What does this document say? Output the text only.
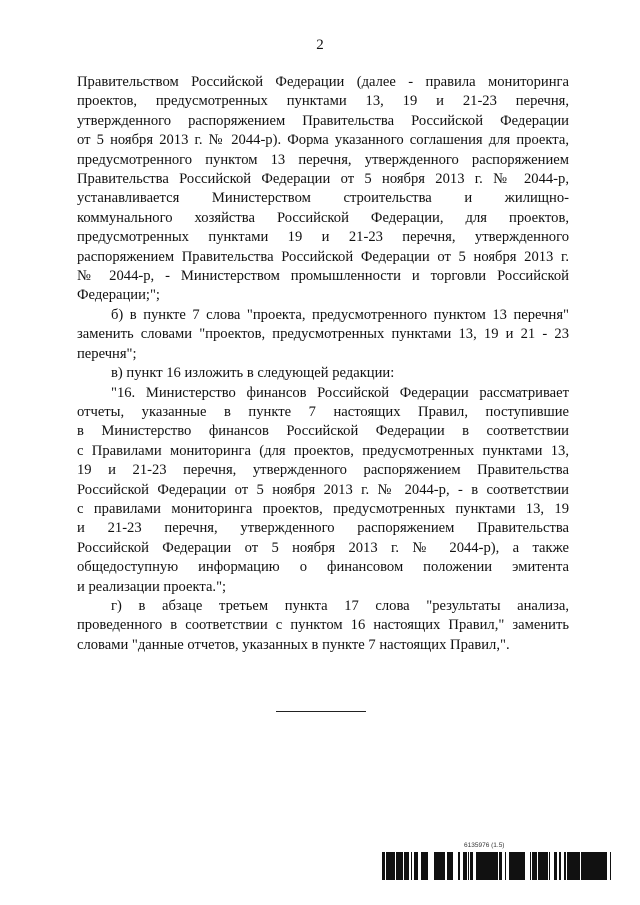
2

Правительством Российской Федерации (далее - правила мониторинга
проектов, предусмотренных пунктами 13, 19 и 21-23 перечня,
утвержденного распоряжением Правительства Российской Федерации
от 5 ноября 2013 г. № 2044-р). Форма указанного соглашения для проекта,
предусмотренного пунктом 13 перечня, утвержденного распоряжением
Правительства Российской Федерации от 5 ноября 2013 г. № 2044-р,
устанавливается Министерством строительства и жилищно-
коммунального хозяйства Российской Федерации, для проектов,
предусмотренных пунктами 19 и 21-23 перечня, утвержденного
распоряжением Правительства Российской Федерации от 5 ноября 2013 г.
№ 2044-р, - Министерством промышленности и торговли Российской
Федерации;";

б) в пункте 7 слова "проекта, предусмотренного пунктом 13 перечня"
заменить словами "проектов, предусмотренных пунктами 13, 19 и 21 - 23
перечня";

в) пункт 16 изложить в следующей редакции:

"16. Министерство финансов Российской Федерации рассматривает
отчеты, указанные в пункте 7 настоящих Правил, поступившие
в Министерство финансов Российской Федерации в соответствии
с Правилами мониторинга (для проектов, предусмотренных пунктами 13,
19 и 21-23 перечня, утвержденного распоряжением Правительства
Российской Федерации от 5 ноября 2013 г. № 2044-р, - в соответствии
с правилами мониторинга проектов, предусмотренных пунктами 13, 19
и 21-23 перечня, утвержденного распоряжением Правительства
Российской Федерации от 5 ноября 2013 г. № 2044-р), а также
общедоступную информацию о финансовом положении эмитента
и реализации проекта.";

г) в абзаце третьем пункта 17 слова "результаты анализа,
проведенного в соответствии с пунктом 16 настоящих Правил," заменить
словами "данные отчетов, указанных в пункте 7 настоящих Правил,".

6135976 (1.5)
